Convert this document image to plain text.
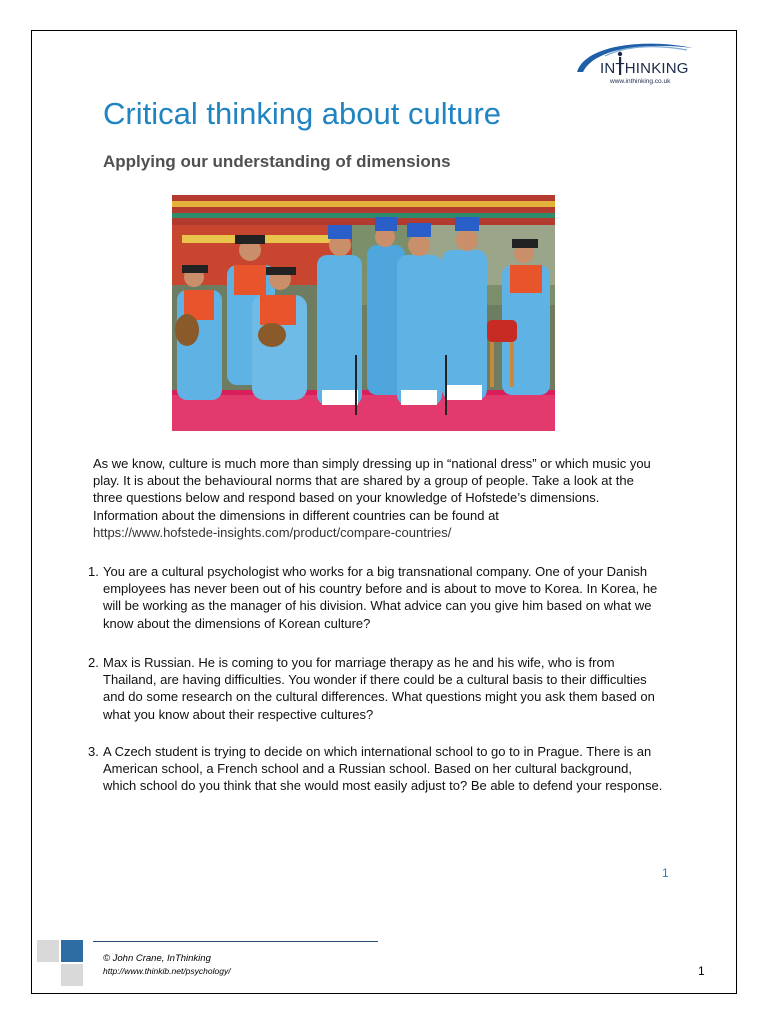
INTHINKING
www.inthinking.co.uk
Critical thinking about culture
Applying our understanding of dimensions

As we know, culture is much more than simply dressing up in “national dress” or which music you play. It is about the behavioural norms that are shared by a group of people. Take a look at the three questions below and respond based on your knowledge of Hofstede’s dimensions. Information about the dimensions in different countries can be found at
https://www.hofstede-insights.com/product/compare-countries/

1. You are a cultural psychologist who works for a big transnational company. One of your Danish employees has never been out of his country before and is about to move to Korea. In Korea, he will be working as the manager of his division. What advice can you give him based on what we know about the dimensions of Korean culture?
2. Max is Russian. He is coming to you for marriage therapy as he and his wife, who is from Thailand, are having difficulties. You wonder if there could be a cultural basis to their difficulties and do some research on the cultural differences. What questions might you ask them based on what you know about their respective cultures?
3. A Czech student is trying to decide on which international school to go to in Prague. There is an American school, a French school and a Russian school. Based on her cultural background, which school do you think that she would most easily adjust to? Be able to defend your response.
1
© John Crane, InThinking
http://www.thinkib.net/psychology/	1
